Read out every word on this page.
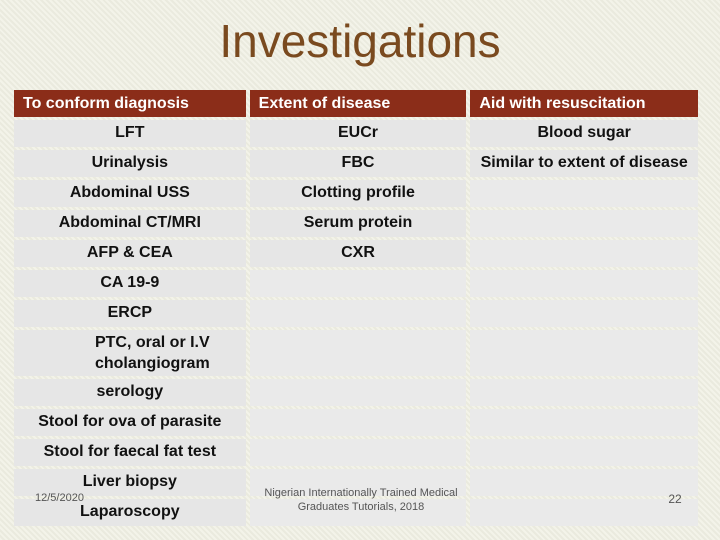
Investigations
To conform diagnosis	Extent of disease	Aid with resuscitation
LFT	EUCr	Blood sugar
Urinalysis	FBC	Similar to extent of disease
Abdominal USS	Clotting profile	
Abdominal CT/MRI	Serum protein	
AFP & CEA	CXR	
CA 19-9		
ERCP		
PTC, oral or I.V cholangiogram		
serology		
Stool for ova of parasite		
Stool for faecal fat test		
Liver biopsy		
Laparoscopy		
12/5/2020	Nigerian Internationally Trained Medical Graduates Tutorials, 2018
22
